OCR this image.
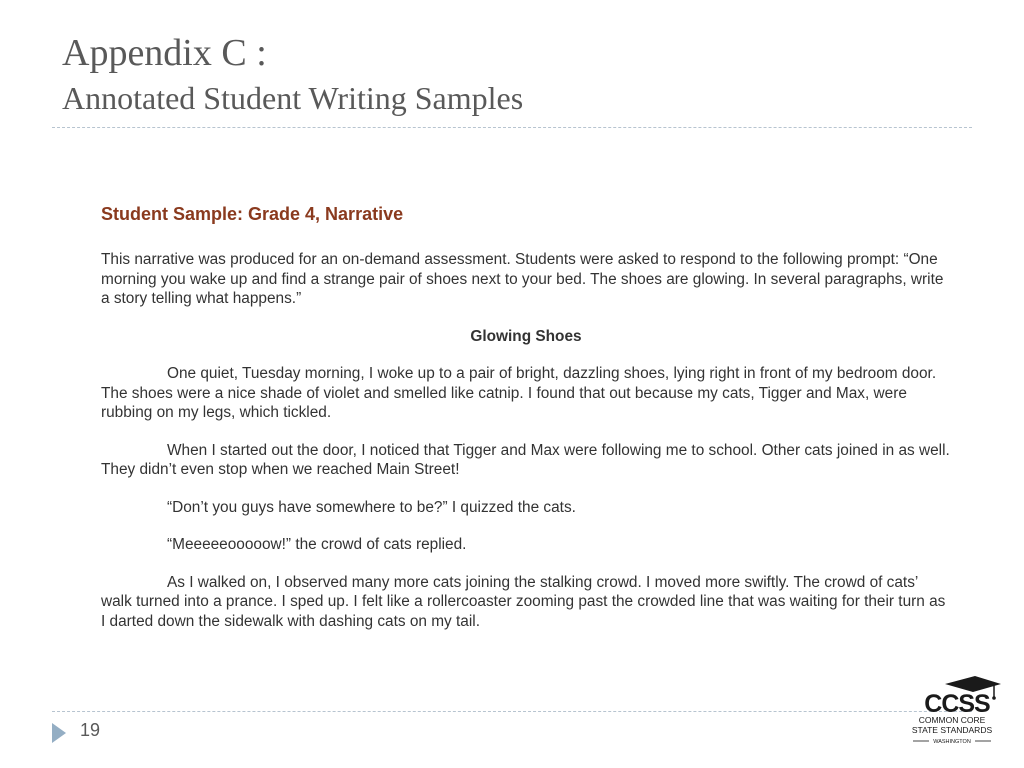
Appendix C :
Annotated Student Writing Samples
Student Sample: Grade 4, Narrative

This narrative was produced for an on-demand assessment. Students were asked to respond to the following prompt: “One morning you wake up and find a strange pair of shoes next to your bed. The shoes are glowing. In several paragraphs, write a story telling what happens.”

Glowing Shoes

One quiet, Tuesday morning, I woke up to a pair of bright, dazzling shoes, lying right in front of my bedroom door. The shoes were a nice shade of violet and smelled like catnip. I found that out because my cats, Tigger and Max, were rubbing on my legs, which tickled.

When I started out the door, I noticed that Tigger and Max were following me to school. Other cats joined in as well. They didn’t even stop when we reached Main Street!

“Don’t you guys have somewhere to be?” I quizzed the cats.

“Meeeeeooooow!” the crowd of cats replied.

As I walked on, I observed many more cats joining the stalking crowd. I moved more swiftly. The crowd of cats’ walk turned into a prance. I sped up. I felt like a rollercoaster zooming past the crowded line that was waiting for their turn as I darted down the sidewalk with dashing cats on my tail.

19
CCSS
COMMON CORE
STATE STANDARDS
WASHINGTON
